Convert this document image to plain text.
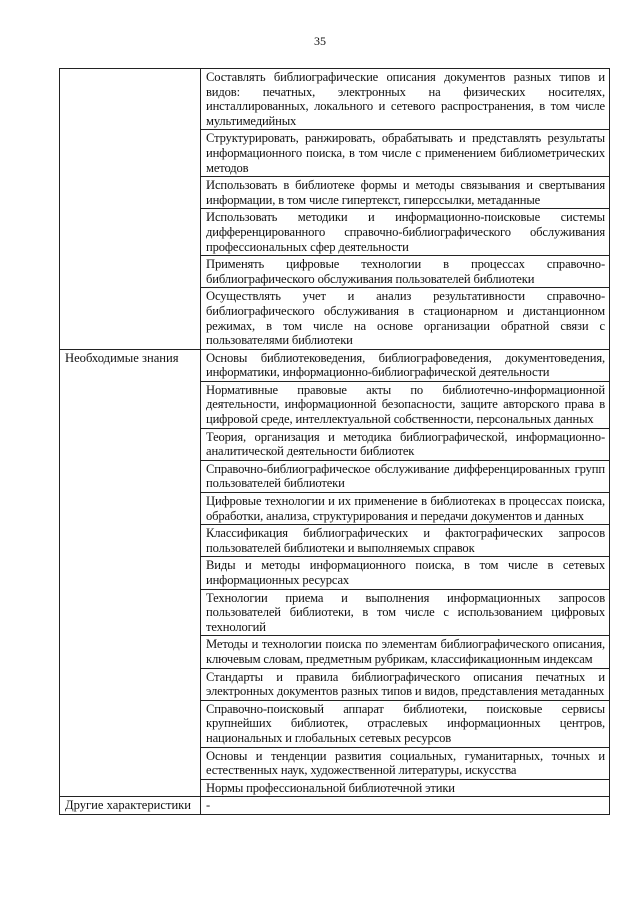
35
	Составлять библиографические описания документов разных типов и видов: печатных, электронных на физических носителях, инсталлированных, локального и сетевого распространения, в том числе мультимедийных
	Структурировать, ранжировать, обрабатывать и представлять результаты информационного поиска, в том числе с применением библиометрических методов
	Использовать в библиотеке формы и методы связывания и свертывания информации, в том числе гипертекст, гиперссылки, метаданные
	Использовать методики и информационно-поисковые системы дифференцированного справочно-библиографического обслуживания профессиональных сфер деятельности
	Применять цифровые технологии в процессах справочно-библиографического обслуживания пользователей библиотеки
	Осуществлять учет и анализ результативности справочно-библиографического обслуживания в стационарном и дистанционном режимах, в том числе на основе организации обратной связи с пользователями библиотеки
Необходимые знания	Основы библиотековедения, библиографоведения, документоведения, информатики, информационно-библиографической деятельности
	Нормативные правовые акты по библиотечно-информационной деятельности, информационной безопасности, защите авторского права в цифровой среде, интеллектуальной собственности, персональных данных
	Теория, организация и методика библиографической, информационно-аналитической деятельности библиотек
	Справочно-библиографическое обслуживание дифференцированных групп пользователей библиотеки
	Цифровые технологии и их применение в библиотеках в процессах поиска, обработки, анализа, структурирования и передачи документов и данных
	Классификация библиографических и фактографических запросов пользователей библиотеки и выполняемых справок
	Виды и методы информационного поиска, в том числе в сетевых информационных ресурсах
	Технологии приема и выполнения информационных запросов пользователей библиотеки, в том числе с использованием цифровых технологий
	Методы и технологии поиска по элементам библиографического описания, ключевым словам, предметным рубрикам, классификационным индексам
	Стандарты и правила библиографического описания печатных и электронных документов разных типов и видов, представления метаданных
	Справочно-поисковый аппарат библиотеки, поисковые сервисы крупнейших библиотек, отраслевых информационных центров, национальных и глобальных сетевых ресурсов
	Основы и тенденции развития социальных, гуманитарных, точных и естественных наук, художественной литературы, искусства
	Нормы профессиональной библиотечной этики
Другие характеристики	-
